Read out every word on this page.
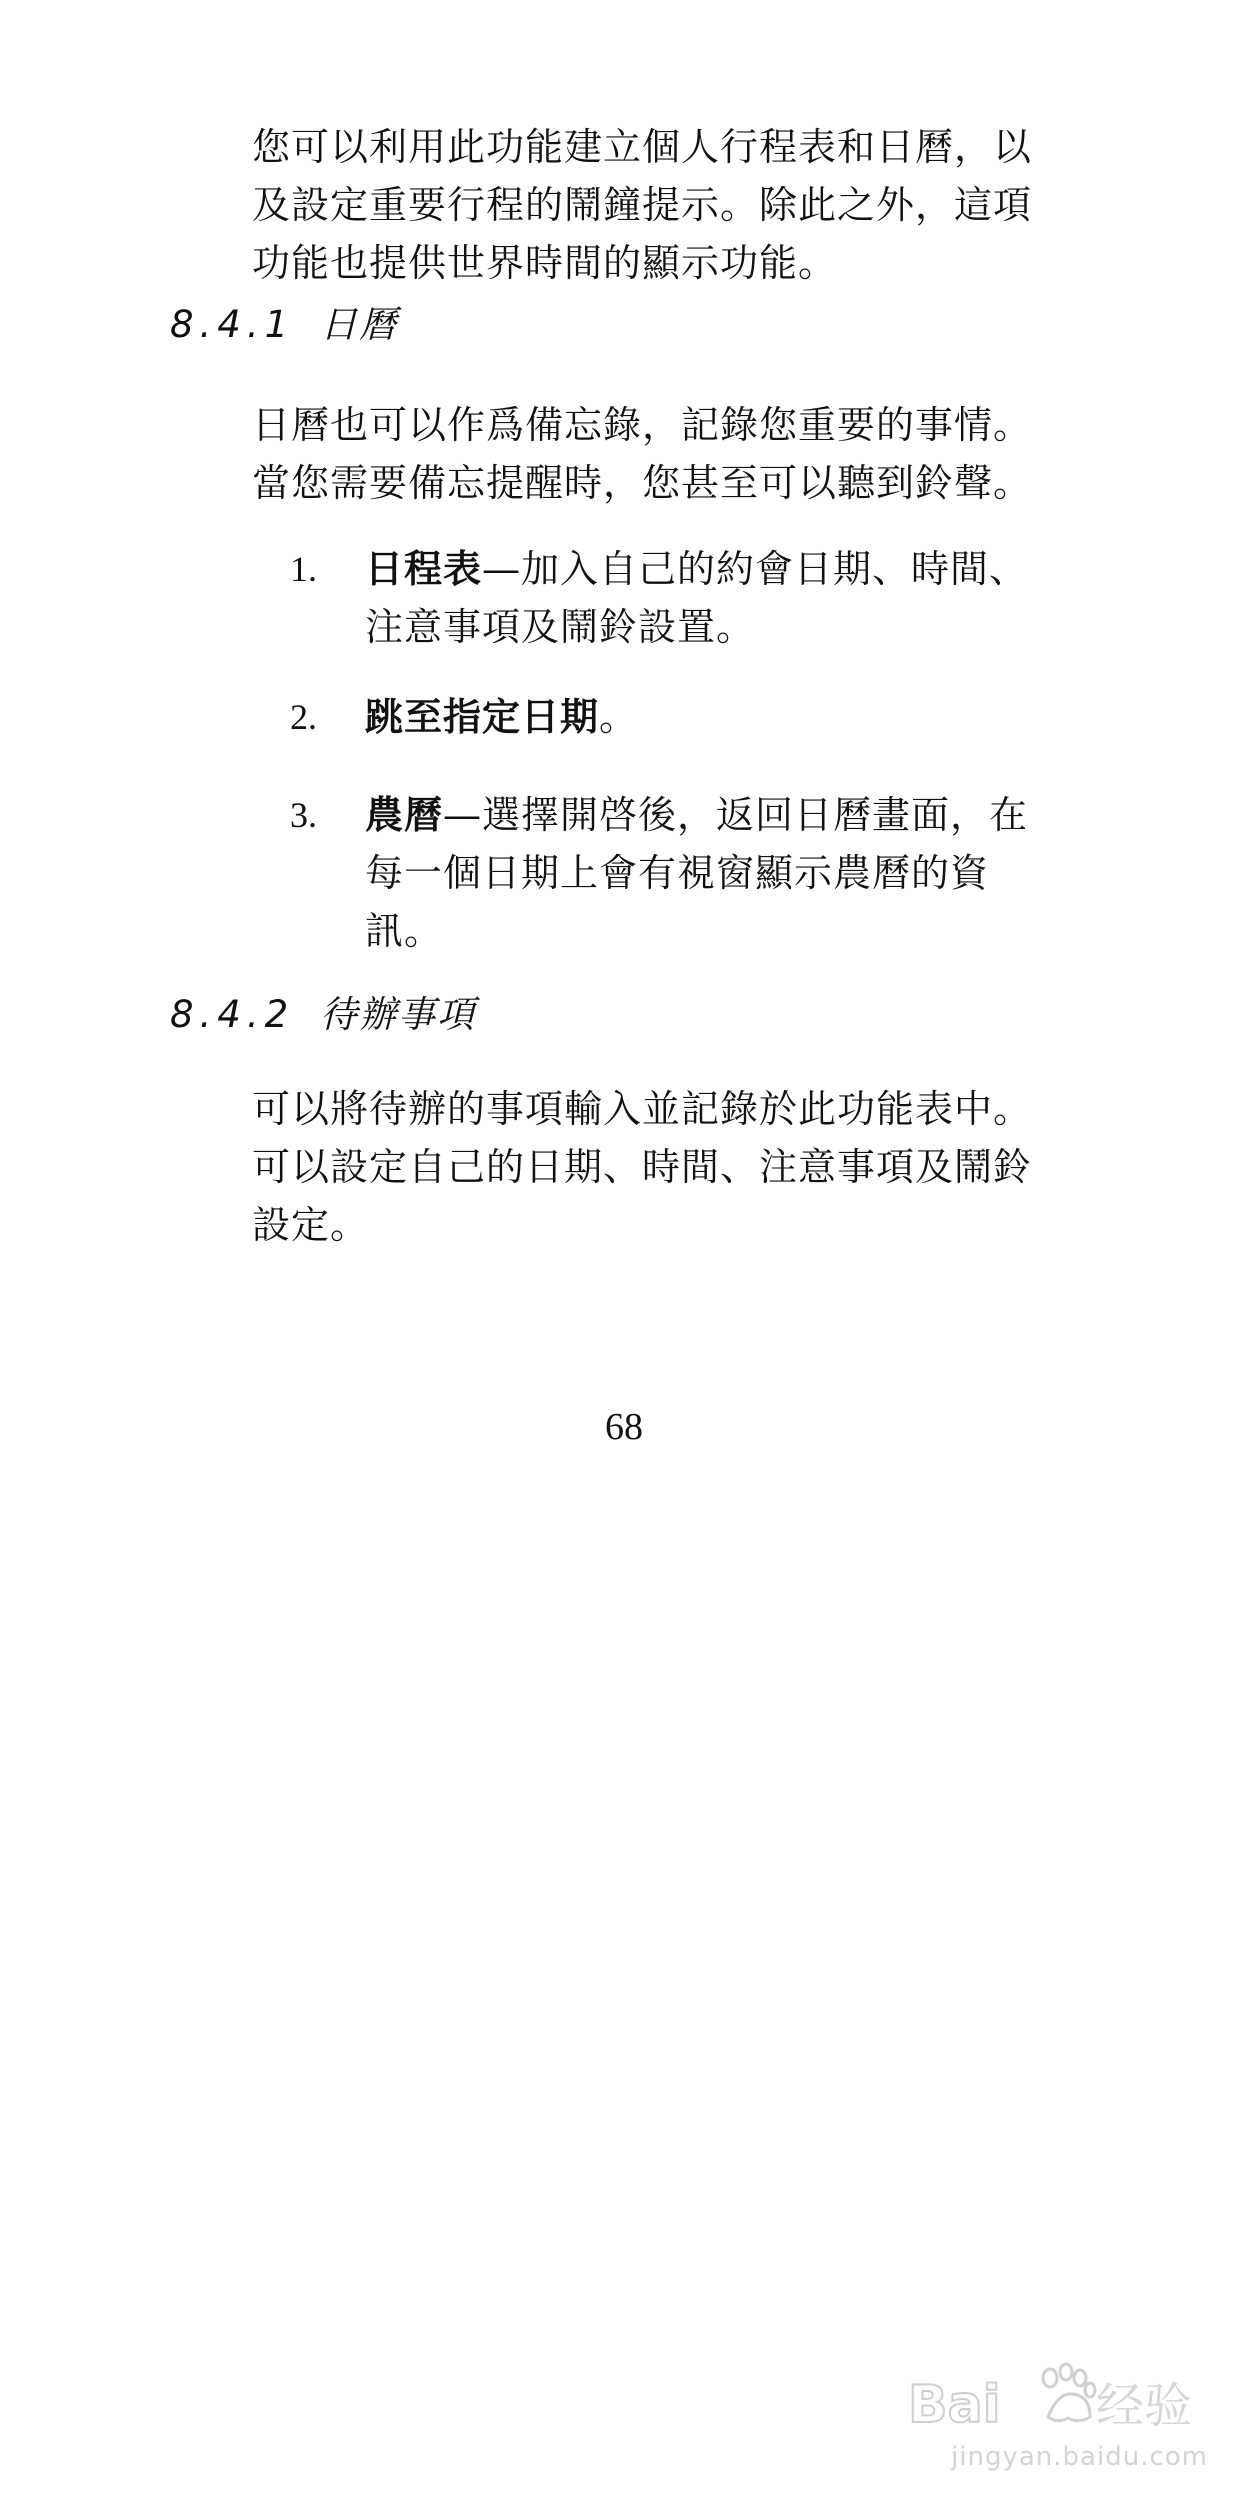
您可以利用此功能建立個人行程表和日曆，以
及設定重要行程的鬧鐘提示。除此之外，這項
功能也提供世界時間的顯示功能。
8.4.1 日曆
日曆也可以作爲備忘錄，記錄您重要的事情。
當您需要備忘提醒時，您甚至可以聽到鈴聲。
1. 日程表—加入自己的約會日期、時間、
注意事項及鬧鈴設置。
2. 跳至指定日期。
3. 農曆—選擇開啓後，返回日曆畫面，在
每一個日期上會有視窗顯示農曆的資
訊。
8.4.2 待辦事項
可以將待辦的事項輸入並記錄於此功能表中。
可以設定自己的日期、時間、注意事項及鬧鈴
設定。
68
Bai 经验
jingyan.baidu.com
